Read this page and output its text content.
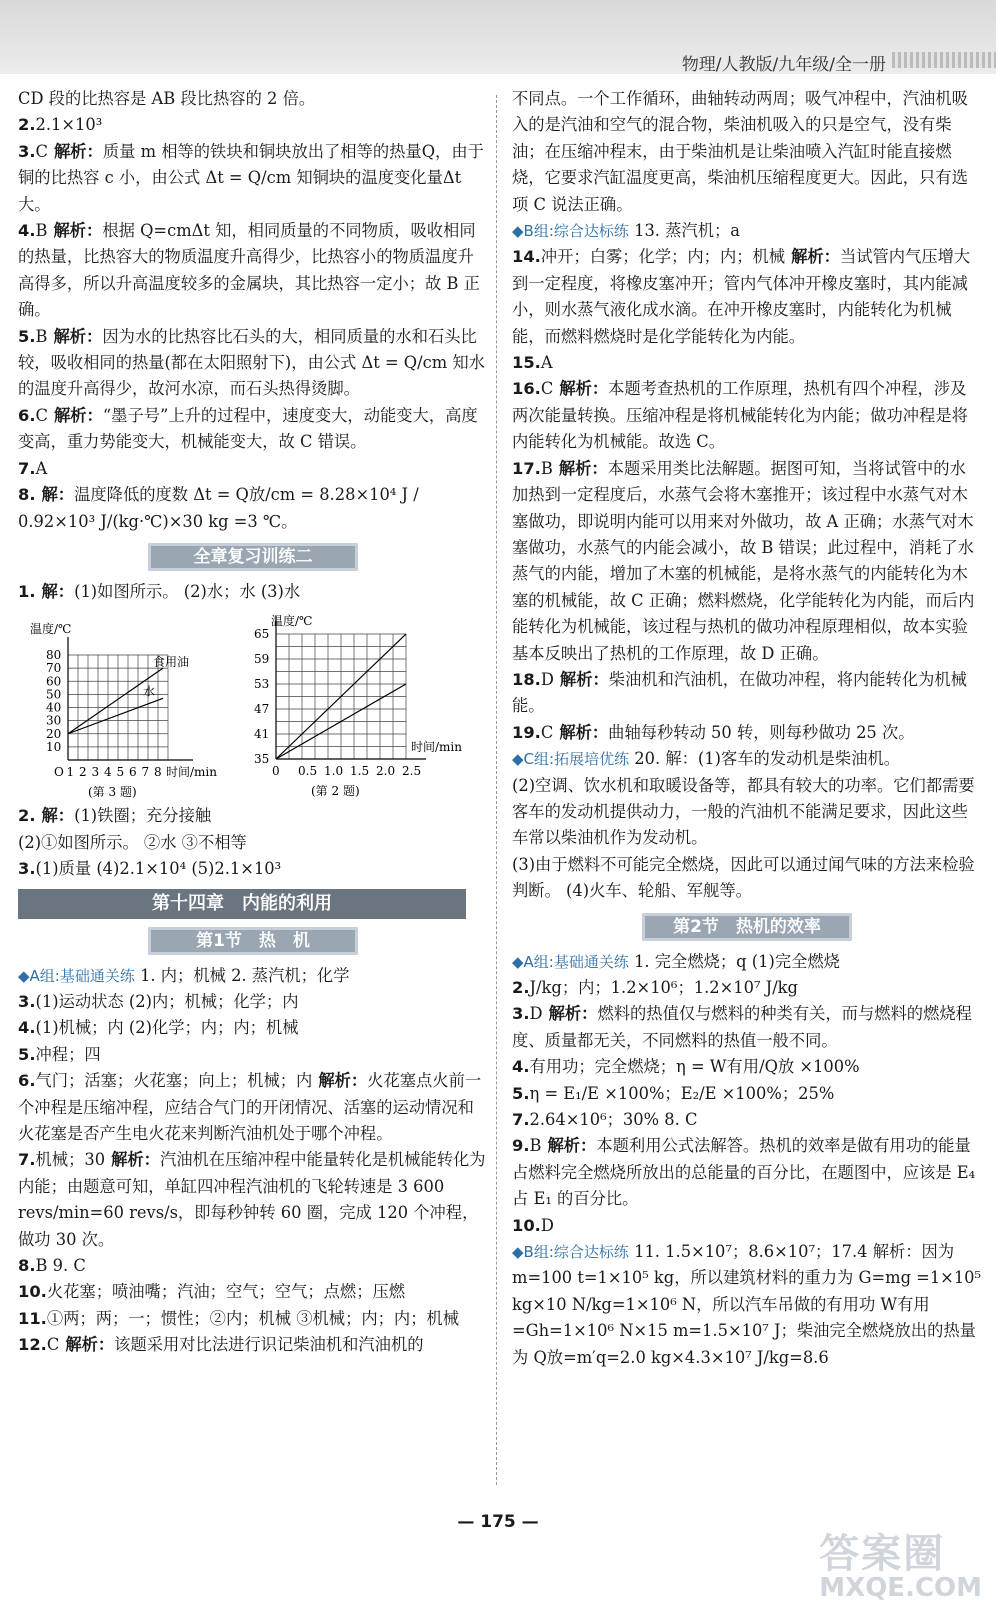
物理/人教版/九年级/全一册

CD 段的比热容是 AB 段比热容的 2 倍。

2.2.1×10³

3.C 解析：质量 m 相等的铁块和铜块放出了相等的热量Q，由于铜的比热容 c 小，由公式 Δt = Q/cm 知铜块的温度变化量Δt 大。

4.B 解析：根据 Q=cmΔt 知，相同质量的不同物质，吸收相同的热量，比热容大的物质温度升高得少，比热容小的物质温度升高得多，所以升高温度较多的金属块，其比热容一定小；故 B 正确。

5.B 解析：因为水的比热容比石头的大，相同质量的水和石头比较，吸收相同的热量(都在太阳照射下)，由公式 Δt = Q/cm 知水的温度升高得少，故河水凉，而石头热得烫脚。

6.C 解析：“墨子号”上升的过程中，速度变大，动能变大，高度变高，重力势能变大，机械能变大，故 C 错误。

7.A

8. 解：温度降低的度数 Δt = Q放/cm = 8.28×10⁴ J / 0.92×10³ J/(kg·℃)×30 kg =3 ℃。

全章复习训练二

1. 解：(1)如图所示。 (2)水；水 (3)水

温度/℃
80
70
60
50
40
30
20
10
O 1 2 3 4 5 6 7 8 时间/min
食用油
水
(第 3 题)
温度/℃
65
59
53
47
41
35
0 0.5 1.0 1.5 2.0 2.5
时间/min
(第 2 题)

2. 解：(1)铁圈；充分接触

(2)①如图所示。 ②水 ③不相等

3.(1)质量 (4)2.1×10⁴ (5)2.1×10³

第十四章　内能的利用
第1节　热　机

◆A组:基础通关练 1. 内；机械 2. 蒸汽机；化学

3.(1)运动状态 (2)内；机械；化学；内

4.(1)机械；内 (2)化学；内；内；机械

5.冲程；四

6.气门；活塞；火花塞；向上；机械；内 解析：火花塞点火前一个冲程是压缩冲程，应结合气门的开闭情况、活塞的运动情况和火花塞是否产生电火花来判断汽油机处于哪个冲程。

7.机械；30 解析：汽油机在压缩冲程中能量转化是机械能转化为内能；由题意可知，单缸四冲程汽油机的飞轮转速是 3 600 revs/min=60 revs/s，即每秒钟转 60 圈，完成 120 个冲程，做功 30 次。

8.B 9. C

10.火花塞；喷油嘴；汽油；空气；空气；点燃；压燃

11.①两；两；一；惯性；②内；机械 ③机械；内；内；机械

12.C 解析：该题采用对比法进行识记柴油机和汽油机的

不同点。一个工作循环，曲轴转动两周；吸气冲程中，汽油机吸入的是汽油和空气的混合物，柴油机吸入的只是空气，没有柴油；在压缩冲程末，由于柴油机是让柴油喷入汽缸时能直接燃烧，它要求汽缸温度更高，柴油机压缩程度更大。因此，只有选项 C 说法正确。

◆B组:综合达标练 13. 蒸汽机；a

14.冲开；白雾；化学；内；内；机械 解析：当试管内气压增大到一定程度，将橡皮塞冲开；管内气体冲开橡皮塞时，其内能减小，则水蒸气液化成水滴。在冲开橡皮塞时，内能转化为机械能，而燃料燃烧时是化学能转化为内能。

15.A

16.C 解析：本题考查热机的工作原理，热机有四个冲程，涉及两次能量转换。压缩冲程是将机械能转化为内能；做功冲程是将内能转化为机械能。故选 C。

17.B 解析：本题采用类比法解题。据图可知，当将试管中的水加热到一定程度后，水蒸气会将木塞推开；该过程中水蒸气对木塞做功，即说明内能可以用来对外做功，故 A 正确；水蒸气对木塞做功，水蒸气的内能会减小，故 B 错误；此过程中，消耗了水蒸气的内能，增加了木塞的机械能，是将水蒸气的内能转化为木塞的机械能，故 C 正确；燃料燃烧，化学能转化为内能，而后内能转化为机械能，该过程与热机的做功冲程原理相似，故本实验基本反映出了热机的工作原理，故 D 正确。

18.D 解析：柴油机和汽油机，在做功冲程，将内能转化为机械能。

19.C 解析：曲轴每秒转动 50 转，则每秒做功 25 次。

◆C组:拓展培优练 20. 解：(1)客车的发动机是柴油机。

(2)空调、饮水机和取暖设备等，都具有较大的功率。它们都需要客车的发动机提供动力，一般的汽油机不能满足要求，因此这些车常以柴油机作为发动机。

(3)由于燃料不可能完全燃烧，因此可以通过闻气味的方法来检验判断。 (4)火车、轮船、军舰等。

第2节　热机的效率

◆A组:基础通关练 1. 完全燃烧；q (1)完全燃烧

2.J/kg；内；1.2×10⁶；1.2×10⁷ J/kg

3.D 解析：燃料的热值仅与燃料的种类有关，而与燃料的燃烧程度、质量都无关，不同燃料的热值一般不同。

4.有用功；完全燃烧；η = W有用/Q放 ×100%

5.η = E₁/E ×100%；E₂/E ×100%；25%

7.2.64×10⁶；30% 8. C

9.B 解析：本题利用公式法解答。热机的效率是做有用功的能量占燃料完全燃烧所放出的总能量的百分比，在题图中，应该是 E₄ 占 E₁ 的百分比。

10.D

◆B组:综合达标练 11. 1.5×10⁷；8.6×10⁷；17.4 解析：因为 m=100 t=1×10⁵ kg，所以建筑材料的重力为 G=mg =1×10⁵ kg×10 N/kg=1×10⁶ N，所以汽车吊做的有用功 W有用=Gh=1×10⁶ N×15 m=1.5×10⁷ J；柴油完全燃烧放出的热量为 Q放=m′q=2.0 kg×4.3×10⁷ J/kg=8.6

— 175 —
答案圈
MXQE.COM
